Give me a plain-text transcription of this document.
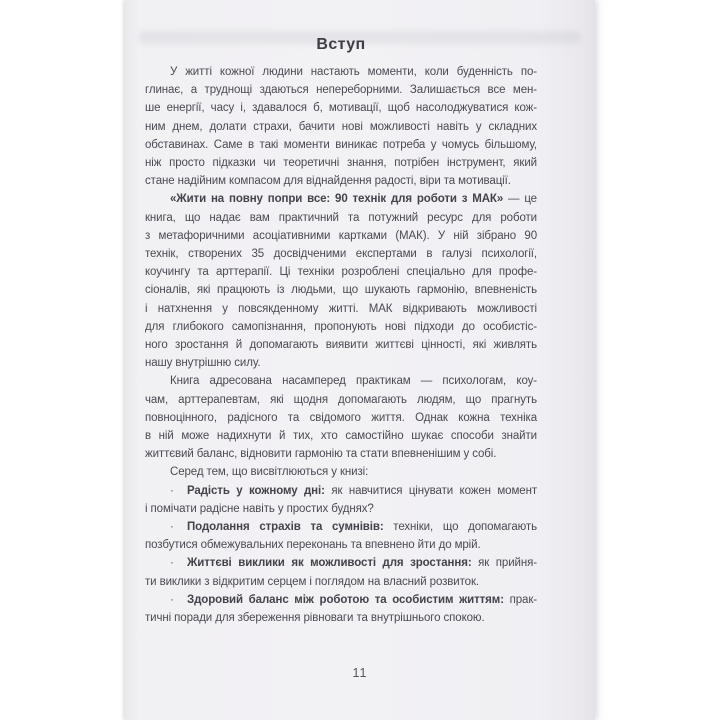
Вступ
У житті кожної людини настають моменти, коли буденність по-
глинає, а труднощі здаються непереборними. Залишається все мен-
ше енергії, часу і, здавалося б, мотивації, щоб насолоджуватися кож-
ним днем, долати страхи, бачити нові можливості навіть у складних
обставинах. Саме в такі моменти виникає потреба у чомусь більшому,
ніж просто підказки чи теоретичні знання, потрібен інструмент, який
стане надійним компасом для віднайдення радості, віри та мотивації.
«Жити на повну попри все: 90 технік для роботи з МАК» — це
книга, що надає вам практичний та потужний ресурс для роботи
з метафоричними асоціативними картками (МАК). У ній зібрано 90
технік, створених 35 досвідченими експертами в галузі психології,
коучингу та арттерапії. Ці техніки розроблені спеціально для профе-
сіоналів, які працюють із людьми, що шукають гармонію, впевненість
і натхнення у повсякденному житті. МАК відкривають можливості
для глибокого самопізнання, пропонують нові підходи до особистіс-
ного зростання й допомагають виявити життєві цінності, які живлять
нашу внутрішню силу.
Книга адресована насамперед практикам — психологам, коу-
чам, арттерапевтам, які щодня допомагають людям, що прагнуть
повноцінного, радісного та свідомого життя. Однак кожна техніка
в ній може надихнути й тих, хто самостійно шукає способи знайти
життєвий баланс, відновити гармонію та стати впевненішим у собі.
Серед тем, що висвітлюються у книзі:
· Радість у кожному дні: як навчитися цінувати кожен момент
і помічати радісне навіть у простих буднях?
· Подолання страхів та сумнівів: техніки, що допомагають
позбутися обмежувальних переконань та впевнено йти до мрій.
· Життєві виклики як можливості для зростання: як прийня-
ти виклики з відкритим серцем і поглядом на власний розвиток.
· Здоровий баланс між роботою та особистим життям: прак-
тичні поради для збереження рівноваги та внутрішнього спокою.
11
